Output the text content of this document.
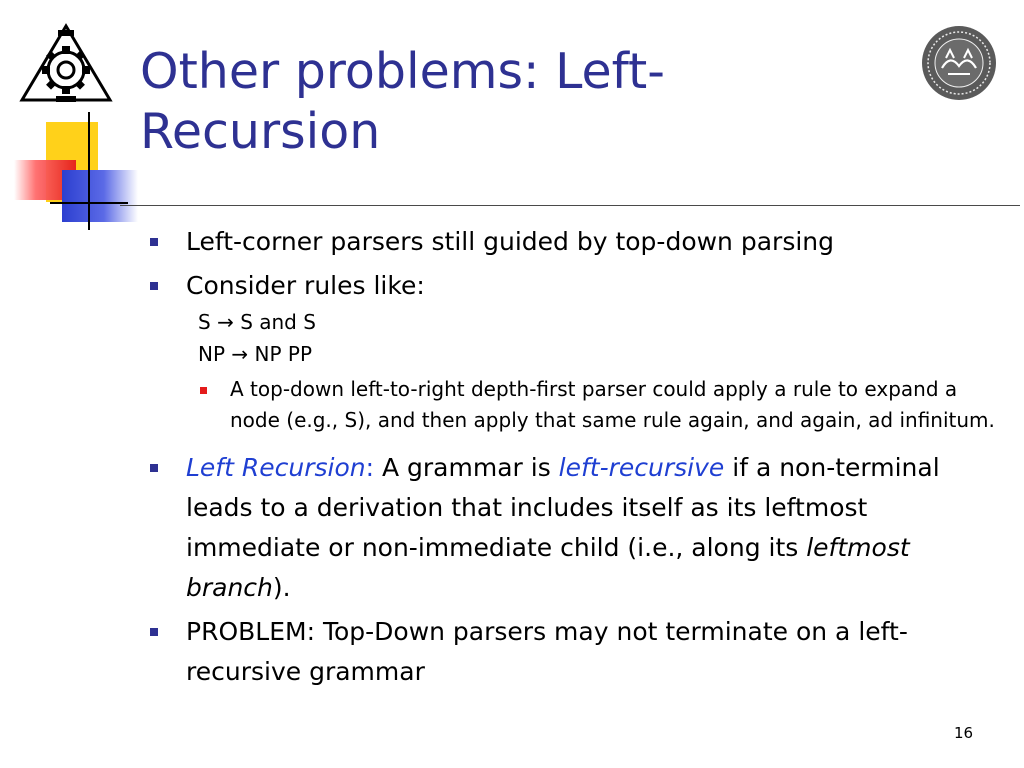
Other problems: Left-Recursion
Left-corner parsers still guided by top-down parsing
Consider rules like:
S → S and S
NP → NP PP
A top-down left-to-right depth-first parser could apply a rule to expand a node (e.g., S), and then apply that same rule again, and again, ad infinitum.
Left Recursion: A grammar is left-recursive if a non-terminal leads to a derivation that includes itself as its leftmost immediate or non-immediate child (i.e., along its leftmost branch).
PROBLEM: Top-Down parsers may not terminate on a left-recursive grammar
16
